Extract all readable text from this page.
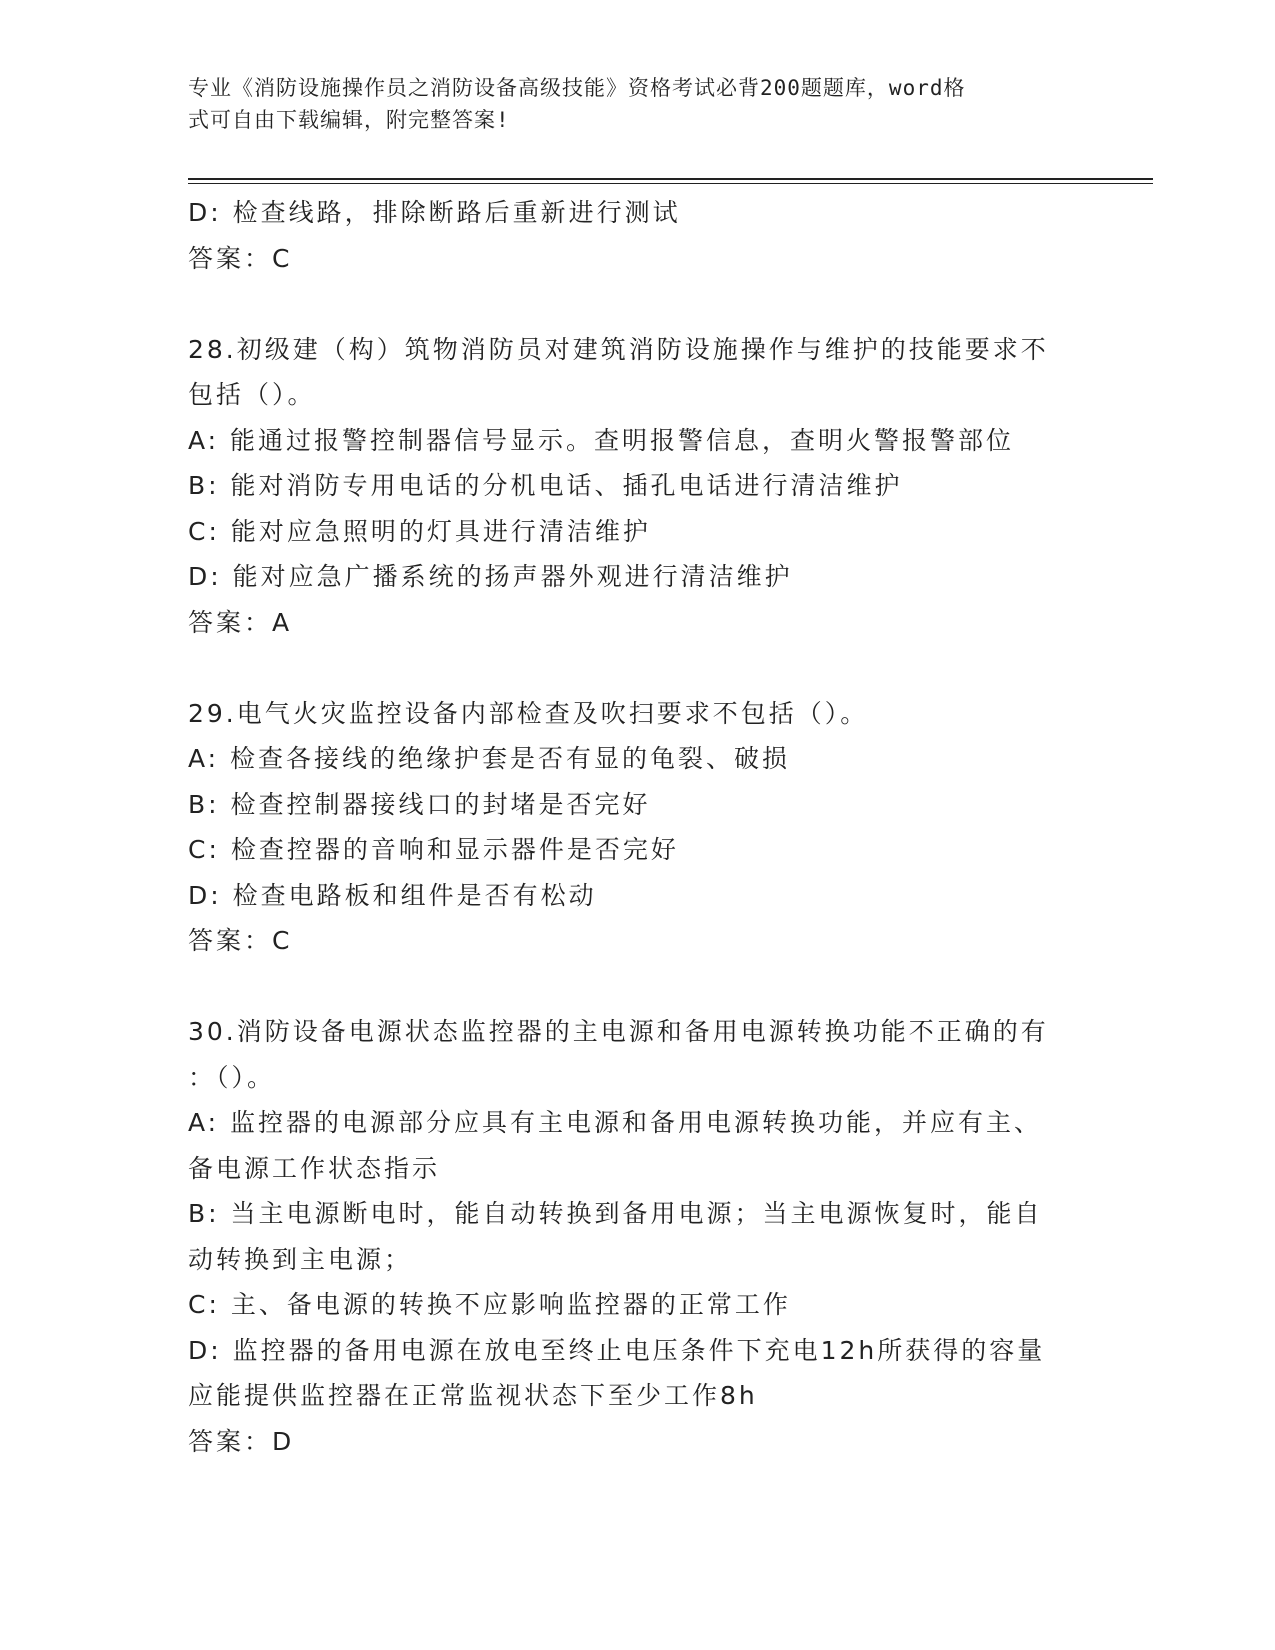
专业《消防设施操作员之消防设备高级技能》资格考试必背200题题库，word格
式可自由下载编辑，附完整答案!
D: 检查线路，排除断路后重新进行测试
答案：C
28.初级建（构）筑物消防员对建筑消防设施操作与维护的技能要求不
包括（）。
A: 能通过报警控制器信号显示。查明报警信息，查明火警报警部位
B: 能对消防专用电话的分机电话、插孔电话进行清洁维护
C: 能对应急照明的灯具进行清洁维护
D: 能对应急广播系统的扬声器外观进行清洁维护
答案：A
29.电气火灾监控设备内部检查及吹扫要求不包括（）。
A: 检查各接线的绝缘护套是否有显的龟裂、破损
B: 检查控制器接线口的封堵是否完好
C: 检查控器的音响和显示器件是否完好
D: 检查电路板和组件是否有松动
答案：C
30.消防设备电源状态监控器的主电源和备用电源转换功能不正确的有
：（）。
A: 监控器的电源部分应具有主电源和备用电源转换功能，并应有主、
备电源工作状态指示
B: 当主电源断电时，能自动转换到备用电源；当主电源恢复时，能自
动转换到主电源；
C: 主、备电源的转换不应影响监控器的正常工作
D: 监控器的备用电源在放电至终止电压条件下充电12h所获得的容量
应能提供监控器在正常监视状态下至少工作8h
答案：D
